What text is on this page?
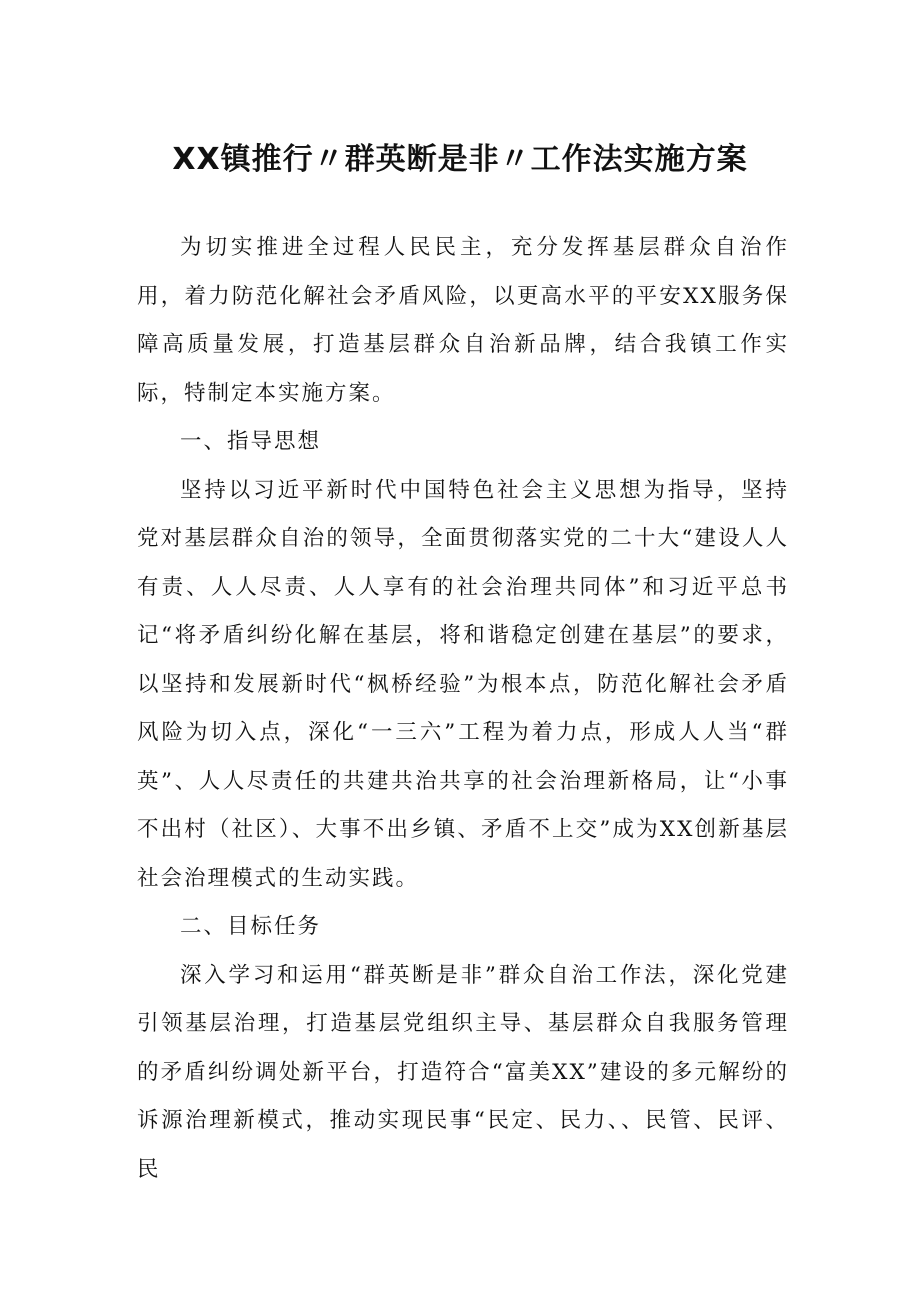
XX镇推行〃群英断是非〃工作法实施方案

为切实推进全过程人民民主，充分发挥基层群众自治作用，着力防范化解社会矛盾风险，以更高水平的平安XX服务保障高质量发展，打造基层群众自治新品牌，结合我镇工作实际，特制定本实施方案。

一、指导思想

坚持以习近平新时代中国特色社会主义思想为指导，坚持党对基层群众自治的领导，全面贯彻落实党的二十大“建设人人有责、人人尽责、人人享有的社会治理共同体”和习近平总书记“将矛盾纠纷化解在基层，将和谐稳定创建在基层”的要求，以坚持和发展新时代“枫桥经验”为根本点，防范化解社会矛盾风险为切入点，深化“一三六”工程为着力点，形成人人当“群英”、人人尽责任的共建共治共享的社会治理新格局，让“小事不出村（社区）、大事不出乡镇、矛盾不上交”成为XX创新基层社会治理模式的生动实践。

二、目标任务

深入学习和运用“群英断是非”群众自治工作法，深化党建引领基层治理，打造基层党组织主导、基层群众自我服务管理的矛盾纠纷调处新平台，打造符合“富美XX”建设的多元解纷的诉源治理新模式，推动实现民事“民定、民力、、民管、民评、民
